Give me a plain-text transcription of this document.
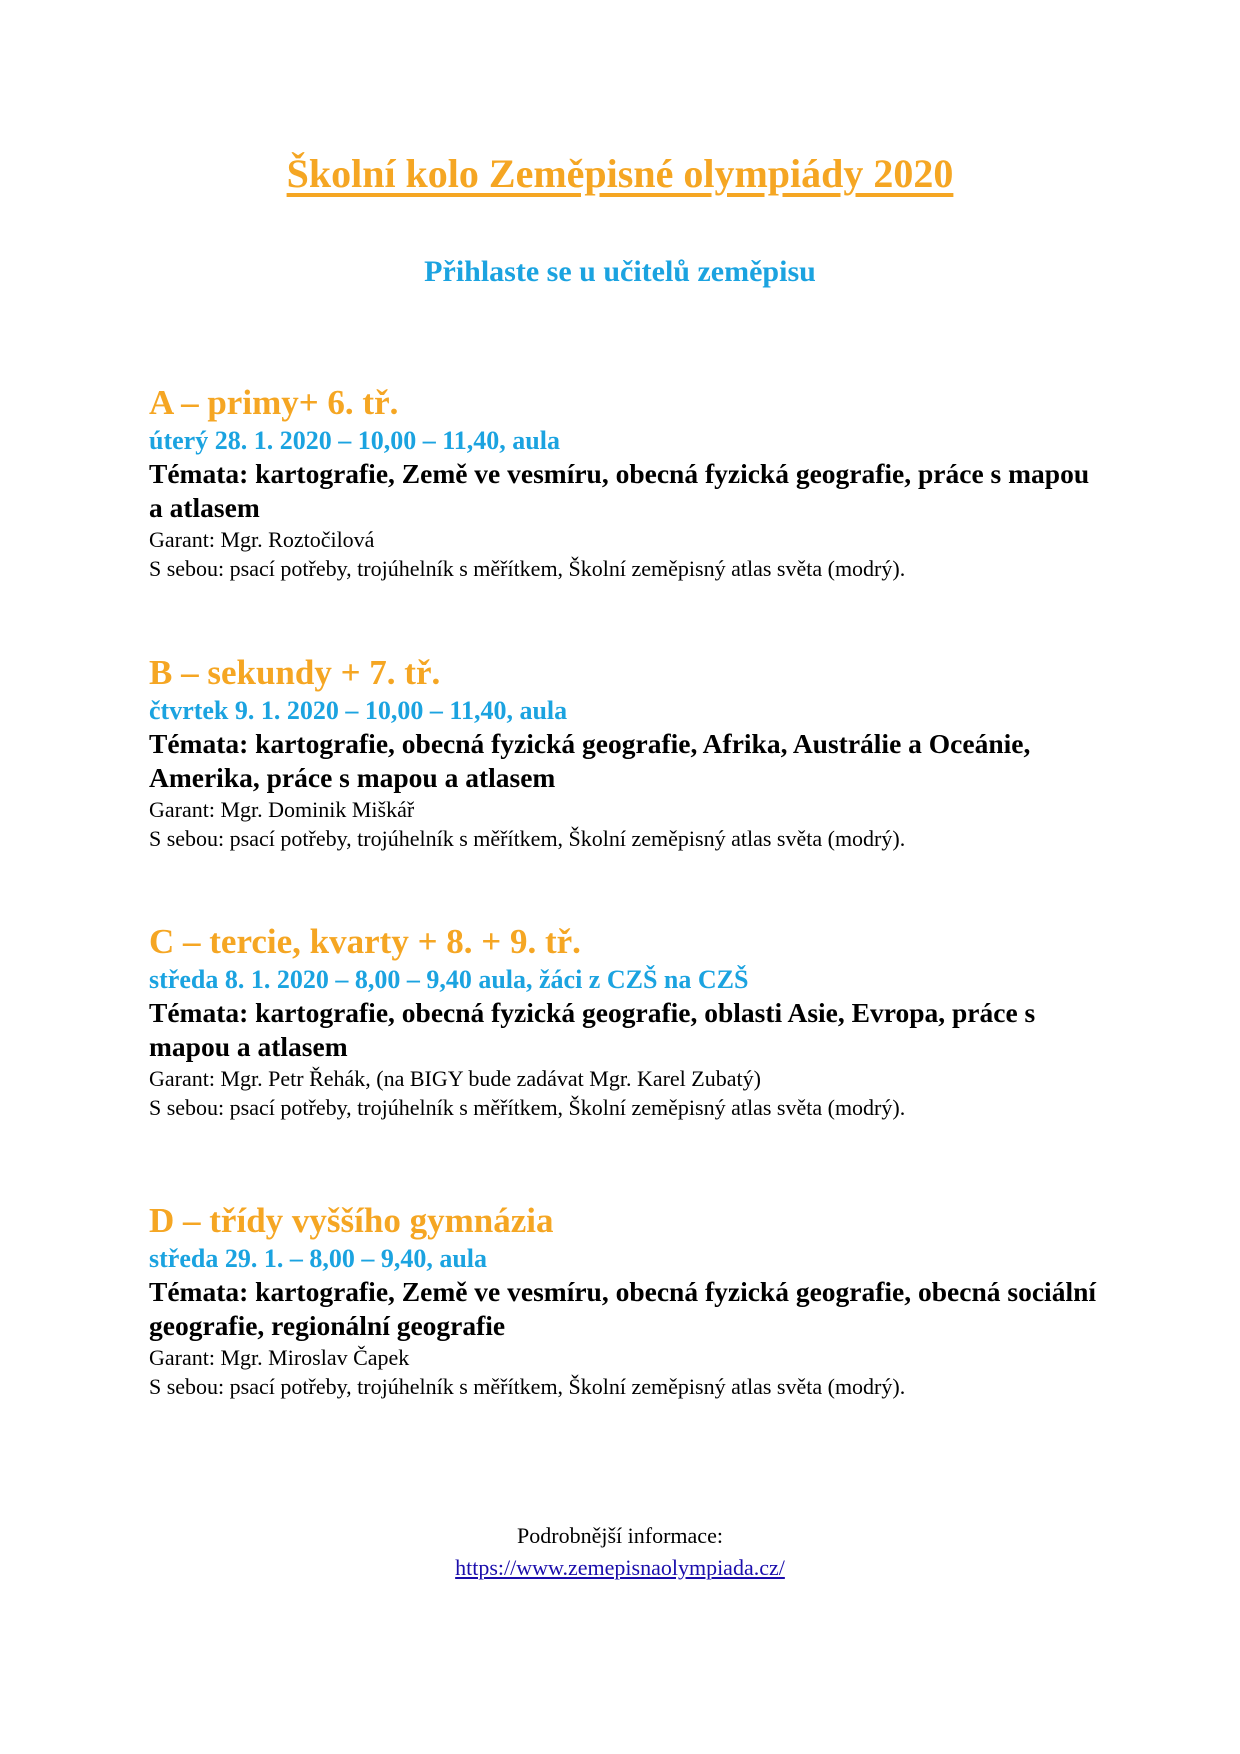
Školní kolo Zeměpisné olympiády 2020
Přihlaste se u učitelů zeměpisu
A – primy+ 6. tř.
úterý 28. 1. 2020 – 10,00 – 11,40, aula
Témata: kartografie, Země ve vesmíru, obecná fyzická geografie, práce s mapou a atlasem
Garant: Mgr. Roztočilová
S sebou: psací potřeby, trojúhelník s měřítkem, Školní zeměpisný atlas světa (modrý).
B – sekundy + 7. tř.
čtvrtek 9. 1. 2020 – 10,00 – 11,40, aula
Témata: kartografie, obecná fyzická geografie, Afrika, Austrálie a Oceánie, Amerika, práce s mapou a atlasem
Garant: Mgr. Dominik Miškář
S sebou: psací potřeby, trojúhelník s měřítkem, Školní zeměpisný atlas světa (modrý).
C – tercie, kvarty + 8. + 9. tř.
středa 8. 1. 2020 – 8,00 – 9,40 aula, žáci z CZŠ na CZŠ
Témata: kartografie, obecná fyzická geografie, oblasti Asie, Evropa, práce s mapou a atlasem
Garant: Mgr. Petr Řehák, (na BIGY bude zadávat Mgr. Karel Zubatý)
S sebou: psací potřeby, trojúhelník s měřítkem, Školní zeměpisný atlas světa (modrý).
D – třídy vyššího gymnázia
středa 29. 1. – 8,00 – 9,40, aula
Témata: kartografie, Země ve vesmíru, obecná fyzická geografie, obecná sociální geografie, regionální geografie
Garant: Mgr. Miroslav Čapek
S sebou: psací potřeby, trojúhelník s měřítkem, Školní zeměpisný atlas světa (modrý).
Podrobnější informace:
https://www.zemepisnaolympiada.cz/
